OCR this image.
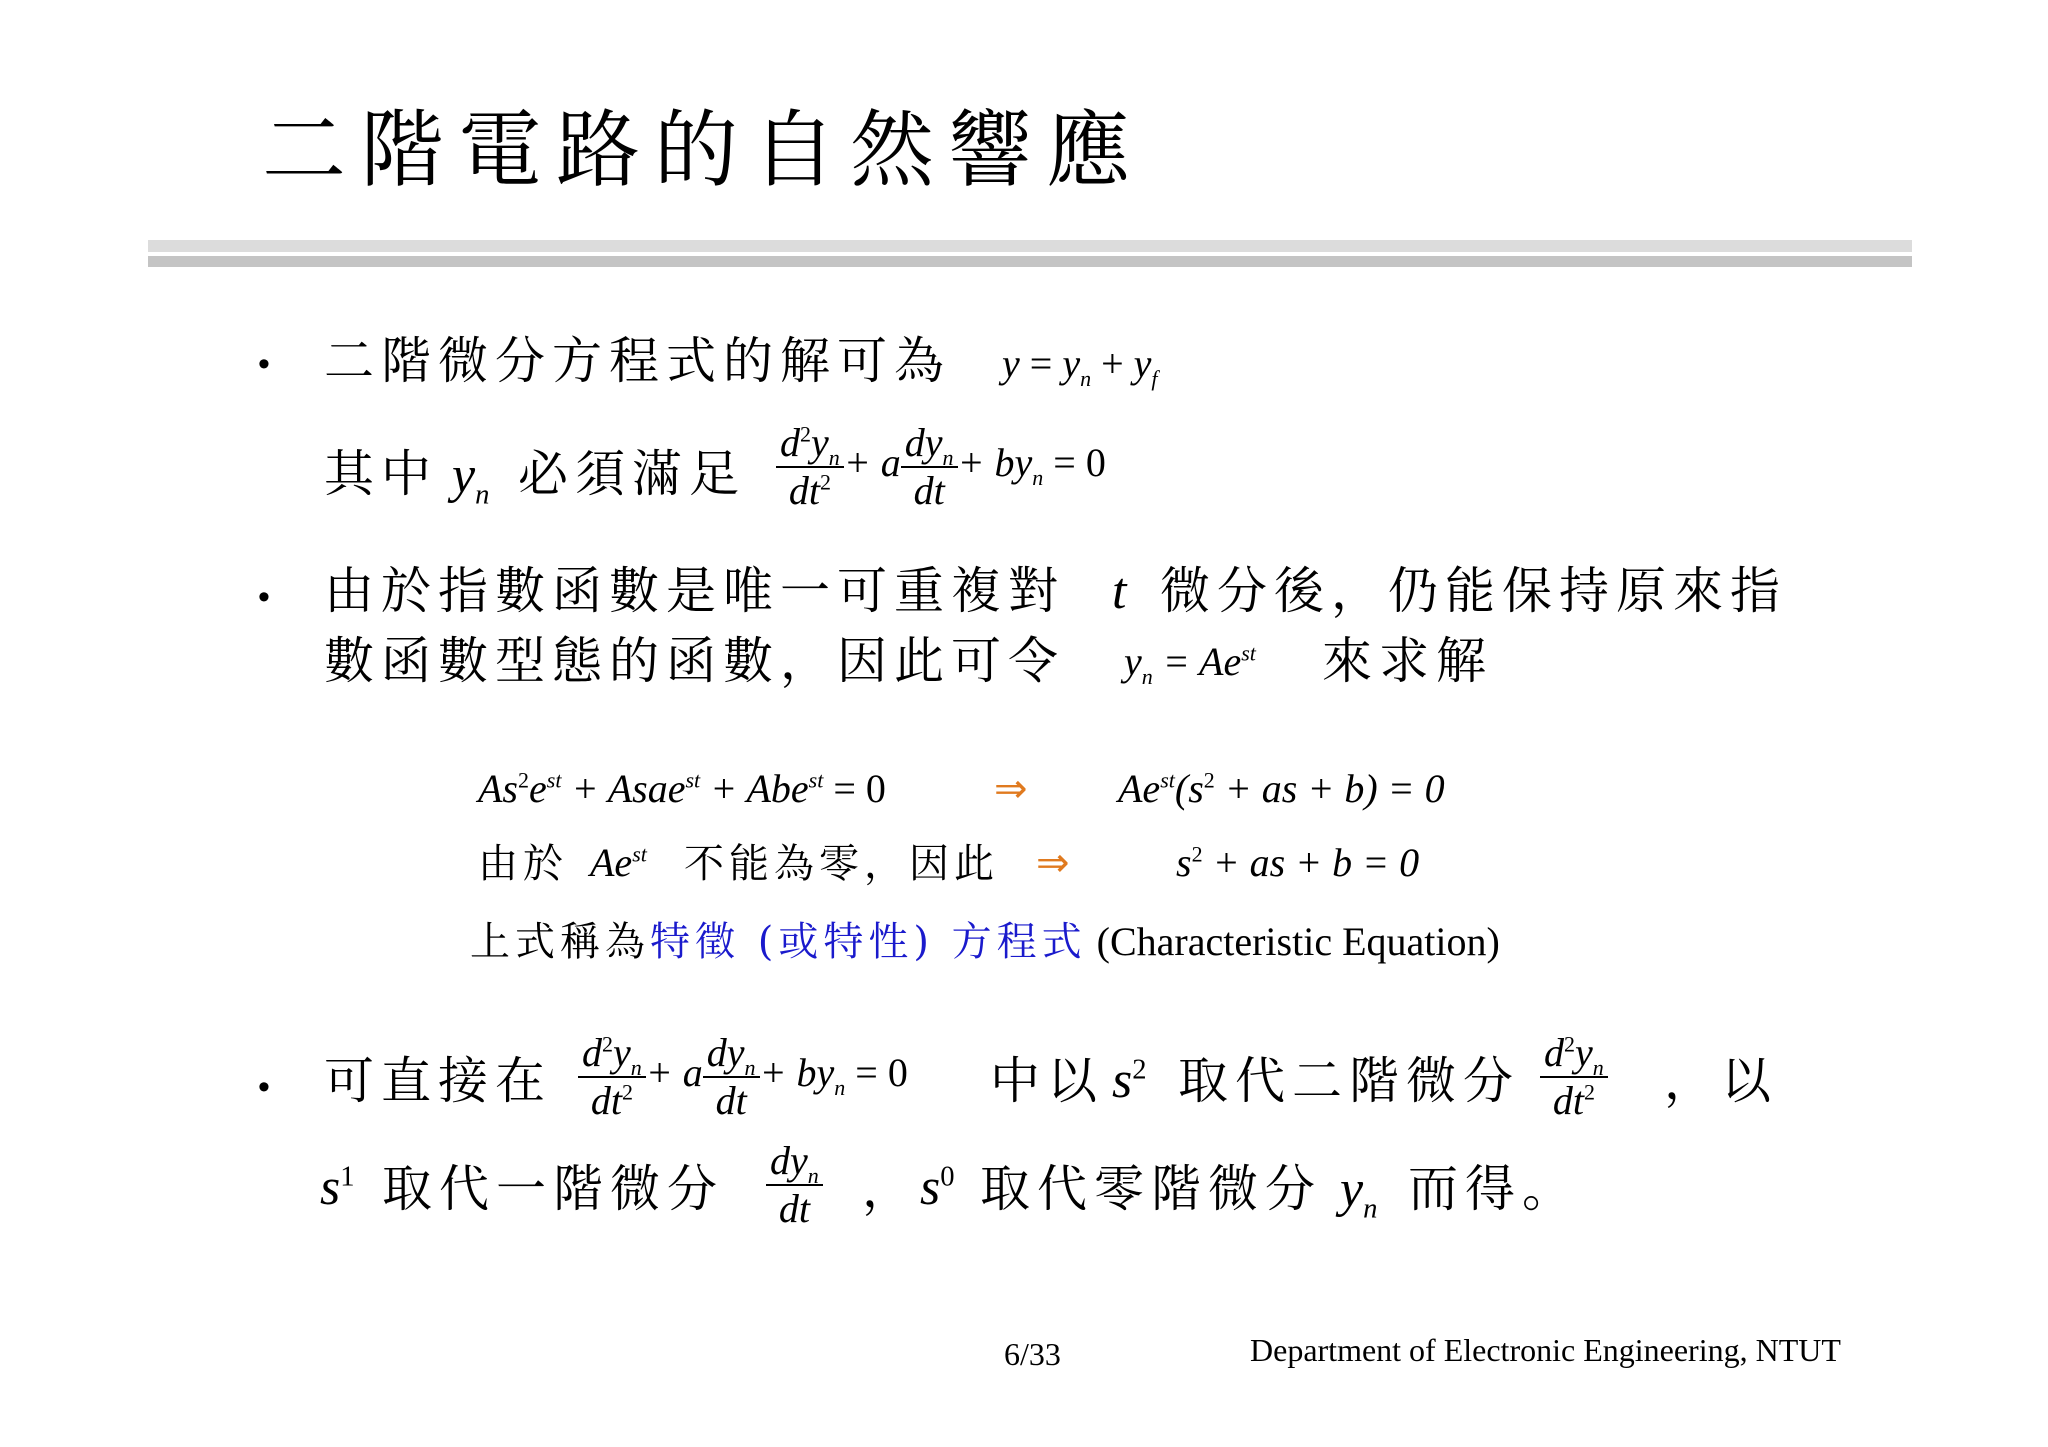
二階電路的自然響應
• 二階微分方程式的解可為 $y = y_n + y_f$
其中 $y_n$ 必須滿足 $\frac{d^2y_n}{dt^2} + a \frac{dy_n}{dt} + by_n = 0$
• 由於指數函數是唯一可重複對 t 微分後，仍能保持原來指
數函數型態的函數，因此可令 $y_n = Ae^{st}$ 來求解
$As^2e^{st}$ + Asae$^{st}$ + Abe$^{st}$ = 0	⇒ $Ae^{st}(s^2$ + as + b) = 0
由於 $Ae^{st}$ 不能為零，因此 ⇒	$s^2$ + as + b = 0
上式稱為特徵 (或特性) 方程式 (Characteristic Equation)
• 可直接在 $\frac{d^2y_n}{dt^2} + a \frac{dy_n}{dt} + by_n = 0$ 中以 $s^2$ 取代二階微分 $\frac{d^2y_n}{dt^2}$ ，以
$s^1$ 取代一階微分 $\frac{dy_n}{dt}$ ， $s^0$ 取代零階微分 $y_n$ 而得。
6/33	Department of Electronic Engineering, NTUT
